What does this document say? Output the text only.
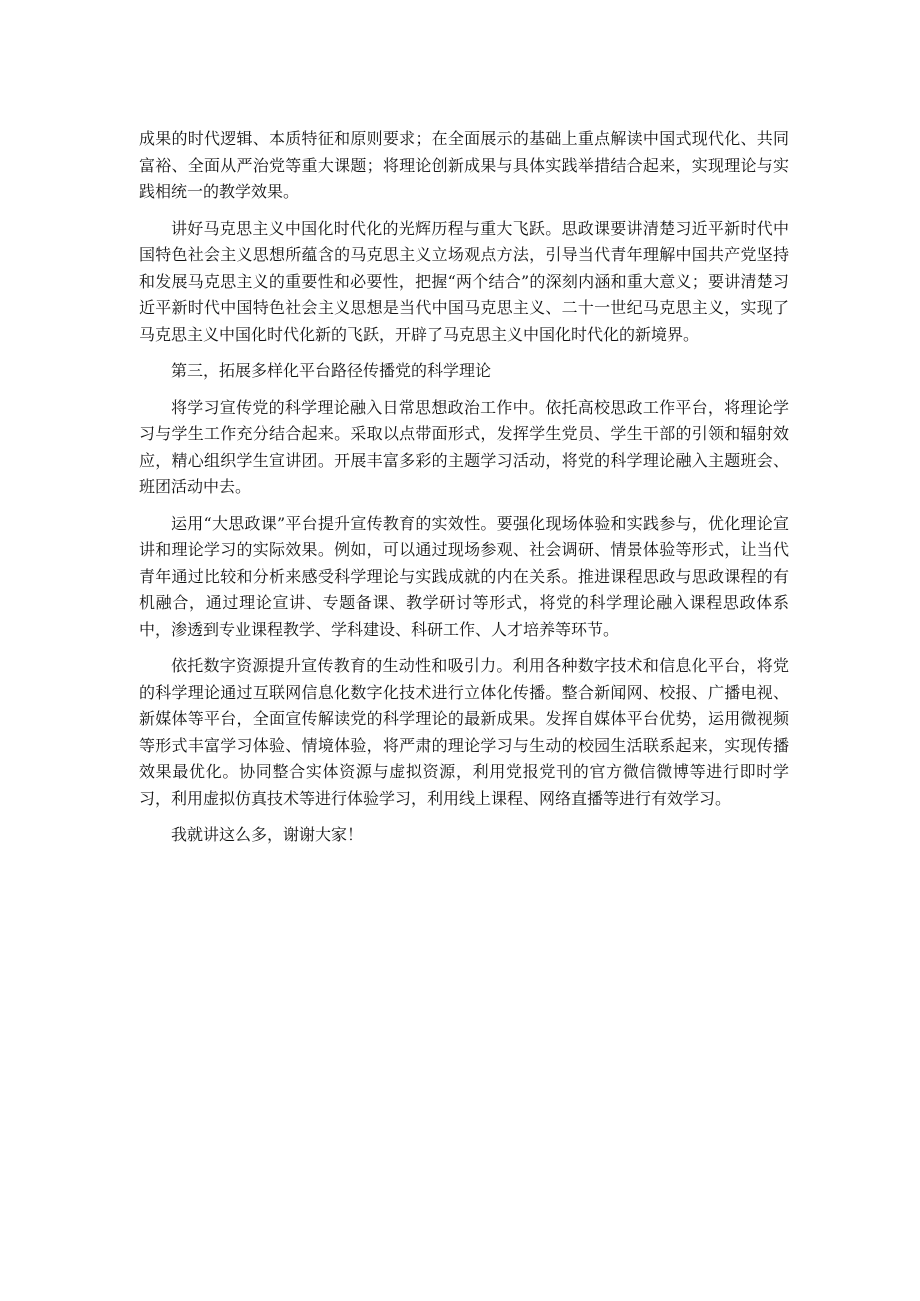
成果的时代逻辑、本质特征和原则要求；在全面展示的基础上重点解读中国式现代化、共同富裕、全面从严治党等重大课题；将理论创新成果与具体实践举措结合起来，实现理论与实践相统一的教学效果。

讲好马克思主义中国化时代化的光辉历程与重大飞跃。思政课要讲清楚习近平新时代中国特色社会主义思想所蕴含的马克思主义立场观点方法，引导当代青年理解中国共产党坚持和发展马克思主义的重要性和必要性，把握“两个结合”的深刻内涵和重大意义；要讲清楚习近平新时代中国特色社会主义思想是当代中国马克思主义、二十一世纪马克思主义，实现了马克思主义中国化时代化新的飞跃，开辟了马克思主义中国化时代化的新境界。

第三，拓展多样化平台路径传播党的科学理论

将学习宣传党的科学理论融入日常思想政治工作中。依托高校思政工作平台，将理论学习与学生工作充分结合起来。采取以点带面形式，发挥学生党员、学生干部的引领和辐射效应，精心组织学生宣讲团。开展丰富多彩的主题学习活动，将党的科学理论融入主题班会、班团活动中去。

运用“大思政课”平台提升宣传教育的实效性。要强化现场体验和实践参与，优化理论宣讲和理论学习的实际效果。例如，可以通过现场参观、社会调研、情景体验等形式，让当代青年通过比较和分析来感受科学理论与实践成就的内在关系。推进课程思政与思政课程的有机融合，通过理论宣讲、专题备课、教学研讨等形式，将党的科学理论融入课程思政体系中，渗透到专业课程教学、学科建设、科研工作、人才培养等环节。

依托数字资源提升宣传教育的生动性和吸引力。利用各种数字技术和信息化平台，将党的科学理论通过互联网信息化数字化技术进行立体化传播。整合新闻网、校报、广播电视、新媒体等平台，全面宣传解读党的科学理论的最新成果。发挥自媒体平台优势，运用微视频等形式丰富学习体验、情境体验，将严肃的理论学习与生动的校园生活联系起来，实现传播效果最优化。协同整合实体资源与虚拟资源，利用党报党刊的官方微信微博等进行即时学习，利用虚拟仿真技术等进行体验学习，利用线上课程、网络直播等进行有效学习。

我就讲这么多，谢谢大家！
